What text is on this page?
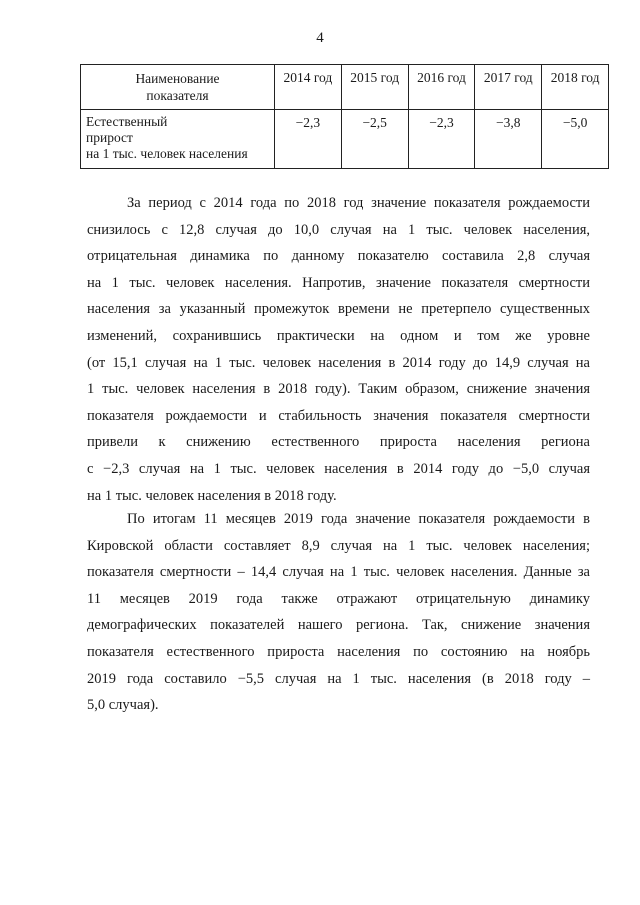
4
Наименование
показателя	2014 год	2015 год	2016 год	2017 год	2018 год

Естественный
прирост
на 1 тыс. человек населения	−2,3	−2,5	−2,3	−3,8	−5,0

За период с 2014 года по 2018 год значение показателя рождаемости
снизилось с 12,8 случая до 10,0 случая на 1 тыс. человек населения,
отрицательная динамика по данному показателю составила 2,8 случая
на 1 тыс. человек населения. Напротив, значение показателя смертности
населения за указанный промежуток времени не претерпело существенных
изменений, сохранившись практически на одном и том же уровне
(от 15,1 случая на 1 тыс. человек населения в 2014 году до 14,9 случая на
1 тыс. человек населения в 2018 году). Таким образом, снижение значения
показателя рождаемости и стабильность значения показателя смертности
привели к снижению естественного прироста населения региона
с −2,3 случая на 1 тыс. человек населения в 2014 году до −5,0 случая
на 1 тыс. человек населения в 2018 году.

По итогам 11 месяцев 2019 года значение показателя рождаемости в
Кировской области составляет 8,9 случая на 1 тыс. человек населения;
показателя смертности – 14,4 случая на 1 тыс. человек населения. Данные за
11 месяцев 2019 года также отражают отрицательную динамику
демографических показателей нашего региона. Так, снижение значения
показателя естественного прироста населения по состоянию на ноябрь
2019 года составило −5,5 случая на 1 тыс. населения (в 2018 году –
5,0 случая).
